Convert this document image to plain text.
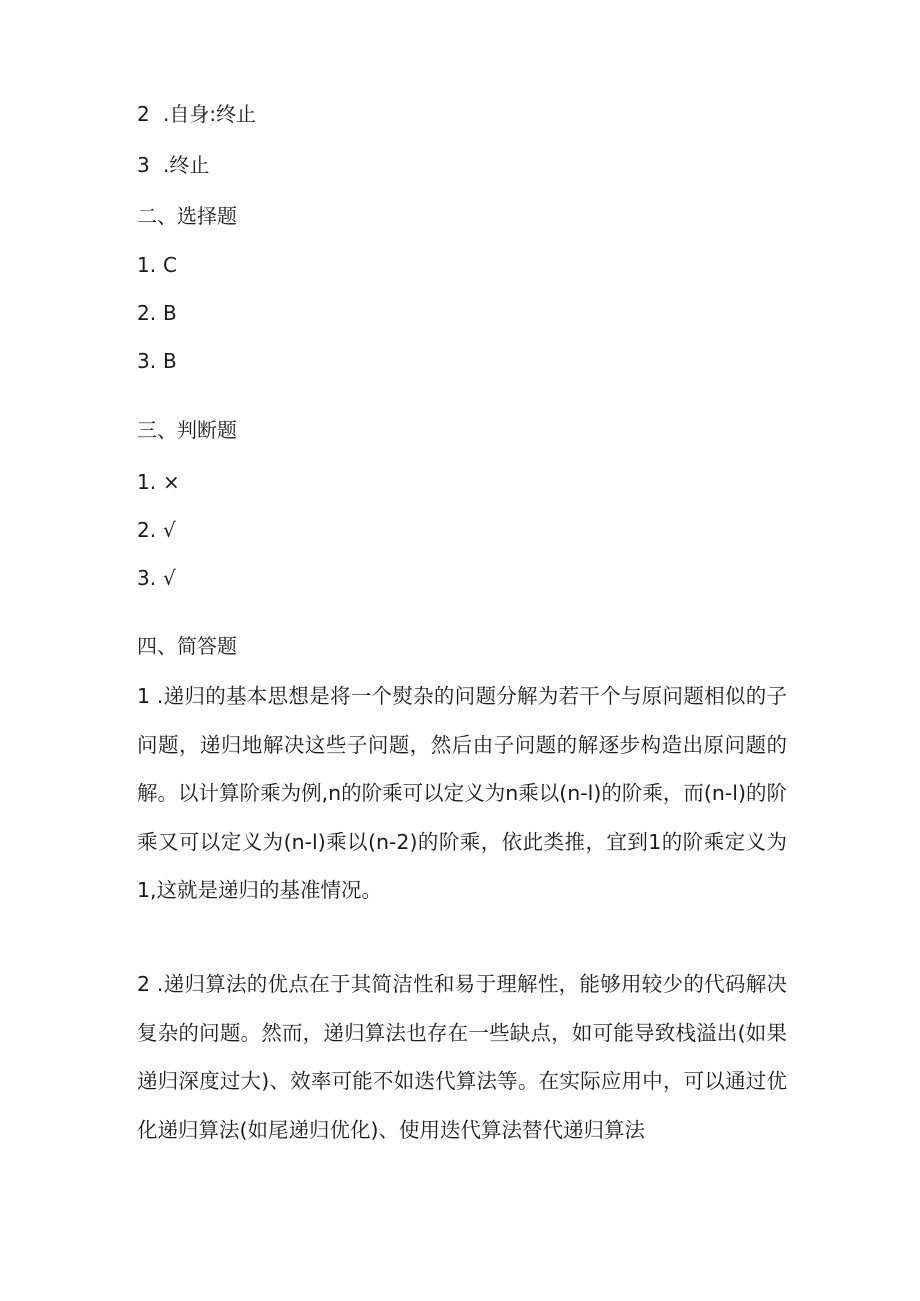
2 .自身:终止
3 .终止
二、选择题
1. C
2. B
3. B
三、判断题
1. ×
2. √
3. √
四、简答题

1 .递归的基本思想是将一个熨杂的问题分解为若干个与原问题相似的子问题，递归地解决这些子问题，然后由子问题的解逐步构造出原问题的解。以计算阶乘为例,n的阶乘可以定义为n乘以(n-l)的阶乘，而(n-l)的阶乘又可以定义为(n-l)乘以(n-2)的阶乘，依此类推，宜到1的阶乘定义为1,这就是递归的基准情况。

2 .递归算法的优点在于其简洁性和易于理解性，能够用较少的代码解决复杂的问题。然而，递归算法也存在一些缺点，如可能导致栈溢出(如果递归深度过大)、效率可能不如迭代算法等。在实际应用中，可以通过优化递归算法(如尾递归优化)、使用迭代算法替代递归算法
